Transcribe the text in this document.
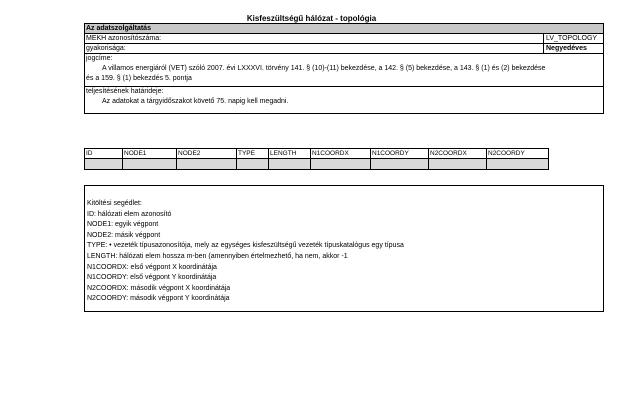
Kisfeszültségű hálózat - topológia
Az adatszolgáltatás
MEKH azonosítószáma:	LV_TOPOLOGY
gyakorisága:	Negyedéves
jogcíme:
A villamos energiáról (VET) szóló 2007. évi LXXXVI. törvény 141. § (10)-(11) bekezdése, a 142. § (5) bekezdése, a 143. § (1) és (2) bekezdése
és a 159. § (1) bekezdés 5. pontja
teljesítésének határideje:
Az adatokat a tárgyidőszakot követő 75. napig kell megadni.
ID	NODE1	NODE2	TYPE	LENGTH	N1COORDX	N1COORDY	N2COORDX	N2COORDY

Kitöltési segédlet:
ID: hálózati elem azonosító
NODE1: egyik végpont
NODE2: másik végpont
TYPE: • vezeték típusazonosítója, mely az egységes kisfeszültségű vezeték típuskatalógus egy típusa
LENGTH: hálózati elem hossza m-ben (amennyiben értelmezhető, ha nem, akkor -1
N1COORDX: első végpont X koordinátája
N1COORDY: első végpont Y koordinátája
N2COORDX: második végpont X koordinátája
N2COORDY: második végpont Y koordinátája
